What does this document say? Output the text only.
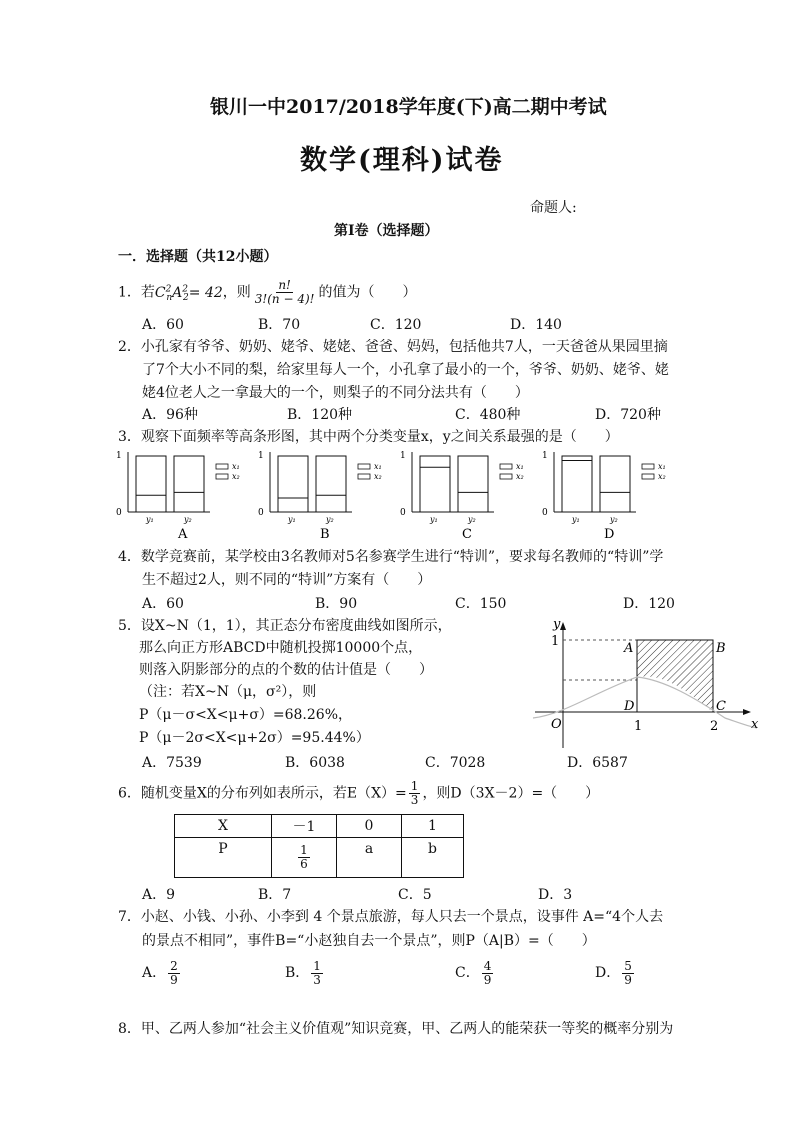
银川一中2017/2018学年度(下)高二期中考试
数学(理科)试卷
命题人:
第Ⅰ卷（选择题）
一．选择题（共12小题）
1．若$C^2_nA^2_2= 42$，则 $\frac{n!}{3!(n - 4)!}$ 的值为（　　）
A．60	B．70	C．120	D．140
2．小孔家有爷爷、奶奶、姥爷、姥姥、爸爸、妈妈，包括他共7人，一天爸爸从果园里摘
了7个大小不同的梨，给家里每人一个，小孔拿了最小的一个，爷爷、奶奶、姥爷、姥
姥4位老人之一拿最大的一个，则梨子的不同分法共有（　　）
A．96种	B．120种	C．480种	D．720种
3．观察下面频率等高条形图，其中两个分类变量x，y之间关系最强的是（　　）
1
0
y₁	y₂
x₁
x₂
A
1
0
y₁	y₂
x₁
x₂
B
1
0
y₁	y₂
x₁
x₂
C
1
0
y₁	y₂
x₁
x₂
D
4．数学竞赛前，某学校由3名教师对5名参赛学生进行“特训”，要求每名教师的“特训”学
生不超过2人，则不同的“特训”方案有（　　）
A．60	B．90	C．150	D．120
5．设X~N（1，1），其正态分布密度曲线如图所示，
那么向正方形ABCD中随机投掷10000个点，
则落入阴影部分的点的个数的估计值是（　　）
（注：若X~N（μ，σ²），则
P（μ－σ<X<μ+σ）=68.26%，
P（μ－2σ<X<μ+2σ）=95.44%）
A．7539	B．6038	C．7028	D．6587
y
x
O
1
1	2
A	B
C
D
6．随机变量X的分布列如表所示，若$E(X)= \frac{1}{3}$ ，则D（3X－2）=（　　）
X	－1	0	1
P	$\frac{1}{6}$	a	b
A．9	B．7	C．5	D．3
7．小赵、小钱、小孙、小李到 4 个景点旅游，每人只去一个景点，设事件 A=“4个人去
的景点不相同”，事件B=“小赵独自去一个景点”，则P（A|B）=（　　）
A． $\frac{2}{9}$	B． $\frac{1}{3}$	C． $\frac{4}{9}$	D． $\frac{5}{9}$
8．甲、乙两人参加“社会主义价值观”知识竞赛，甲、乙两人的能荣获一等奖的概率分别为
